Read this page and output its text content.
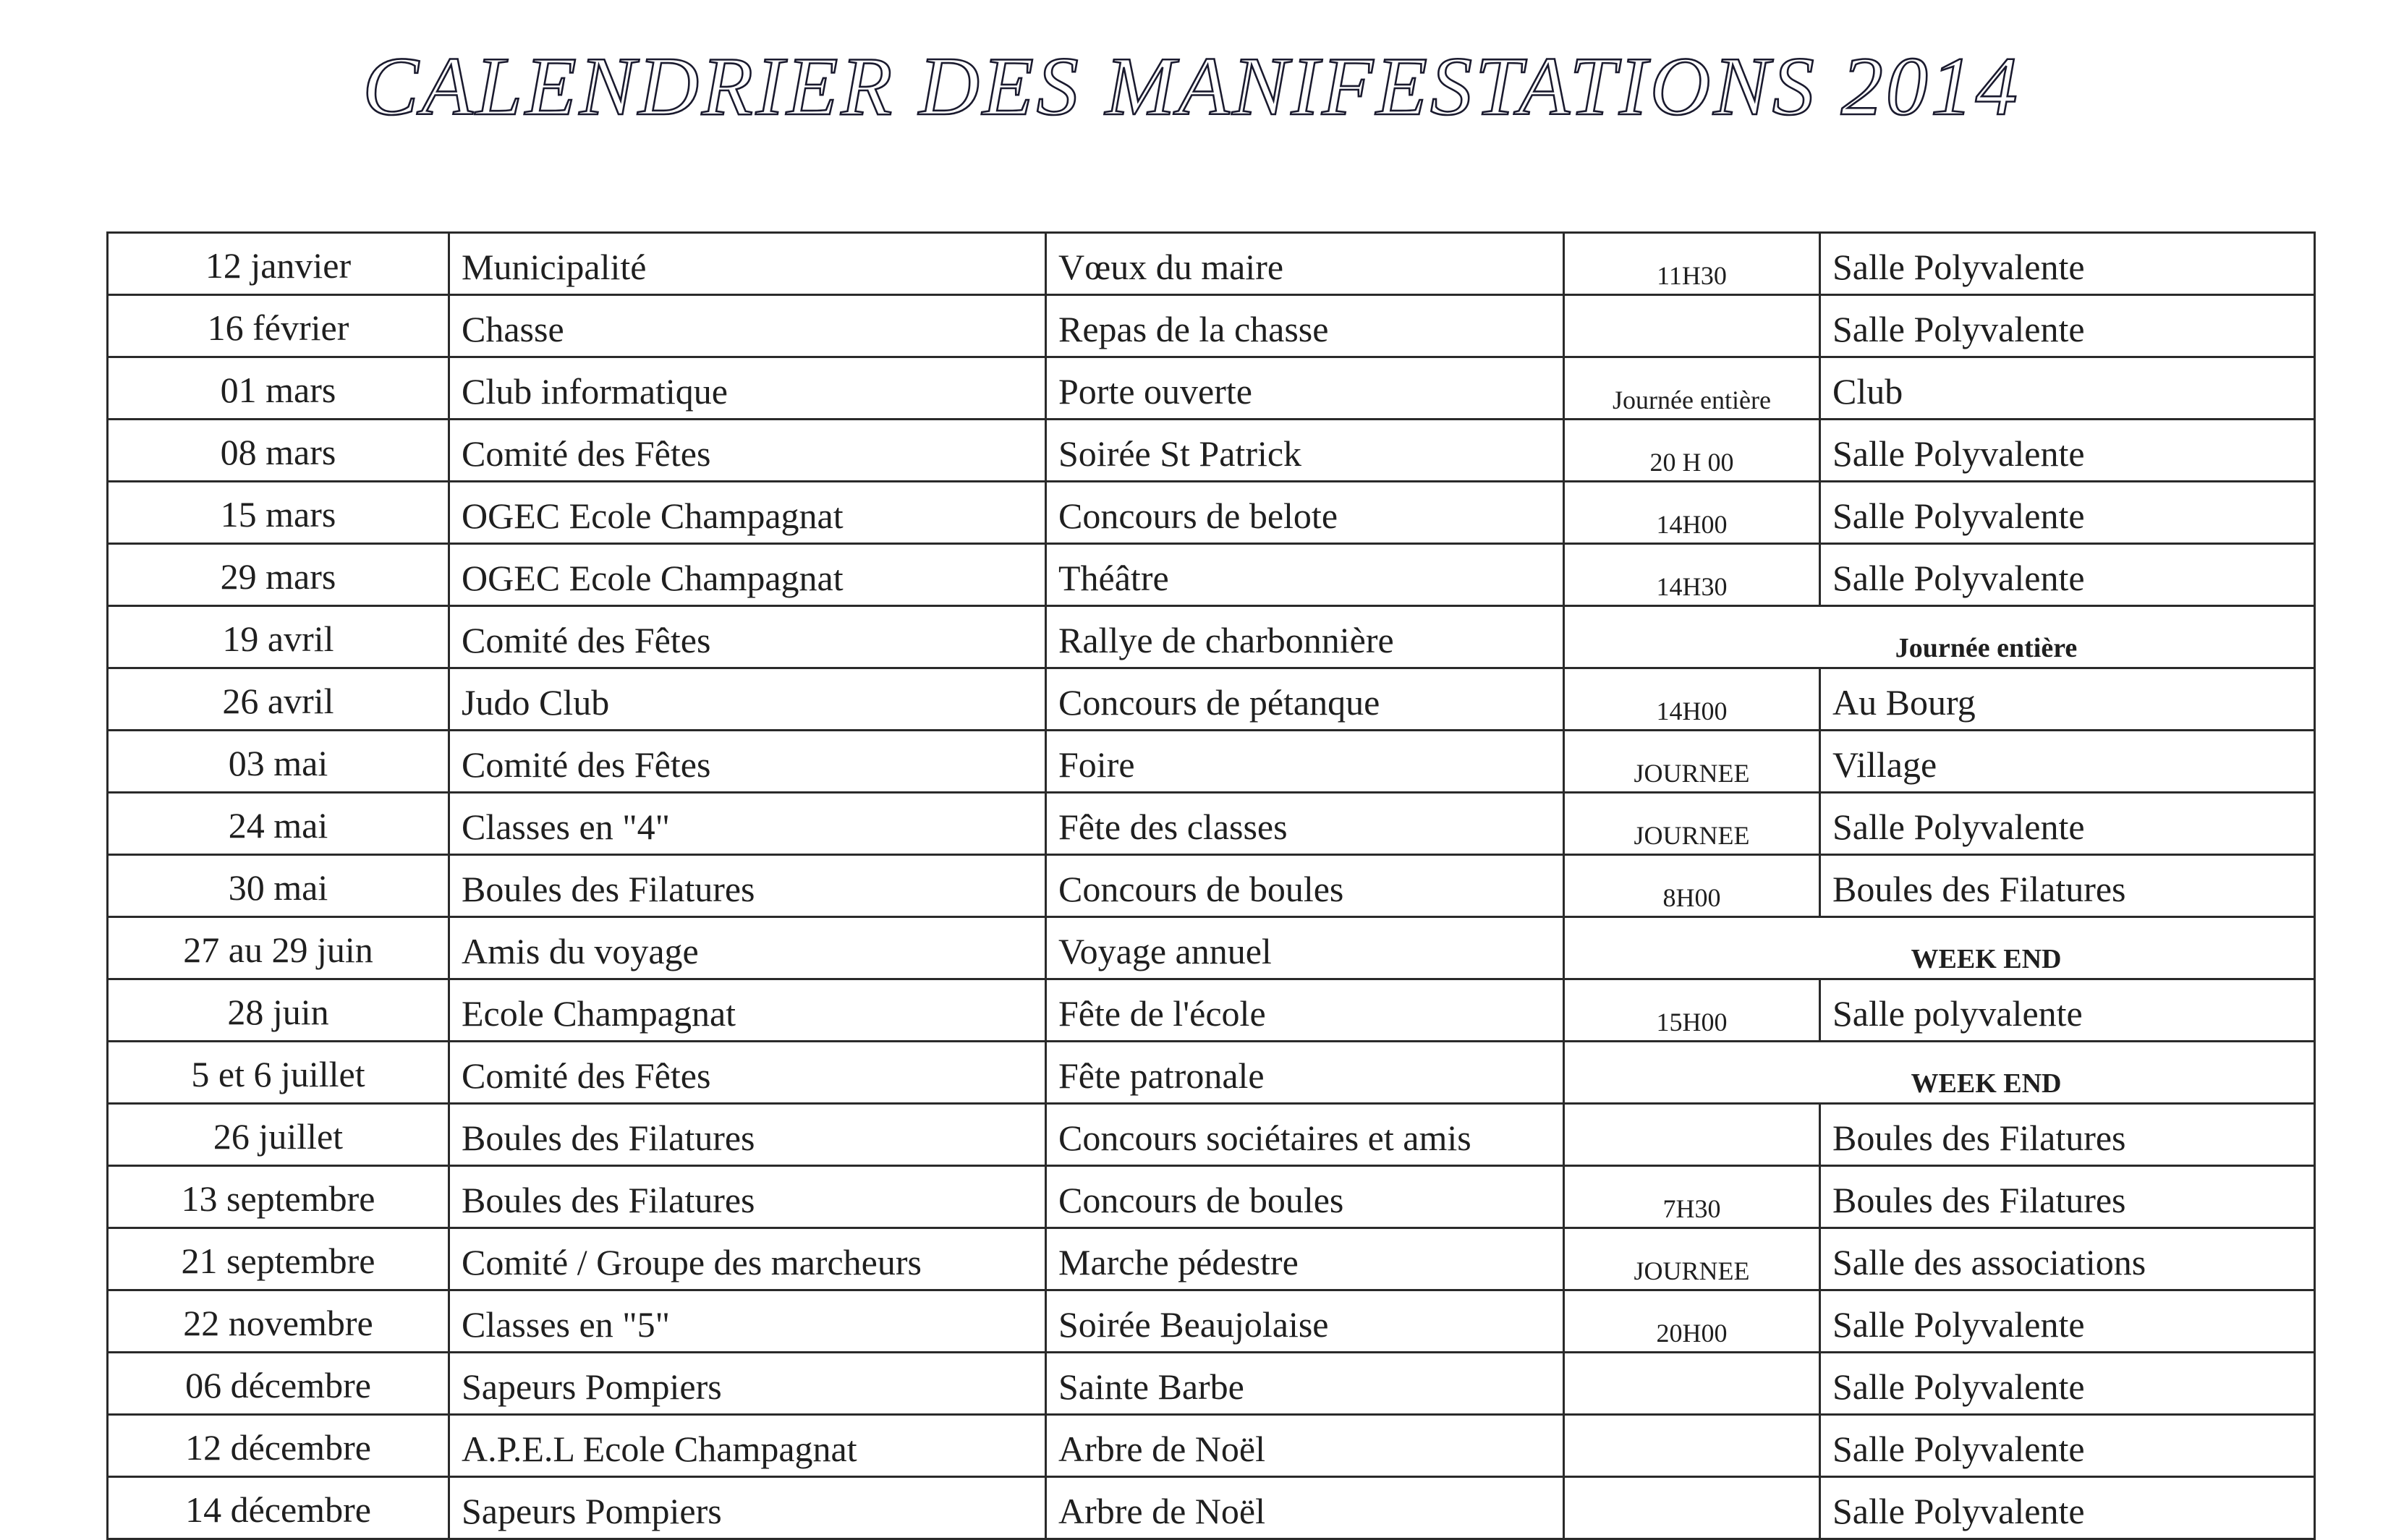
CALENDRIER DES MANIFESTATIONS 2014
12 janvier	Municipalité	Vœux du maire	11H30	Salle Polyvalente
16 février	Chasse	Repas de la chasse		Salle Polyvalente
01 mars	Club informatique	Porte ouverte	Journée entière	Club
08 mars	Comité des Fêtes	Soirée St Patrick	20 H 00	Salle Polyvalente
15 mars	OGEC Ecole Champagnat	Concours de belote	14H00	Salle Polyvalente
29 mars	OGEC Ecole Champagnat	Théâtre	14H30	Salle Polyvalente
19 avril	Comité des Fêtes	Rallye de charbonnière	Journée entière	
26 avril	Judo Club	Concours de pétanque	14H00	Au Bourg
03 mai	Comité des Fêtes	Foire	JOURNEE	Village
24 mai	Classes en "4"	Fête des classes	JOURNEE	Salle Polyvalente
30 mai	Boules des Filatures	Concours de boules	8H00	Boules des Filatures
27 au 29 juin	Amis du voyage	Voyage annuel	WEEK END	
28 juin	Ecole Champagnat	Fête de l'école	15H00	Salle polyvalente
5 et 6 juillet	Comité des Fêtes	Fête patronale	WEEK END	
26 juillet	Boules des Filatures	Concours sociétaires et amis		Boules des Filatures
13 septembre	Boules des Filatures	Concours de boules	7H30	Boules des Filatures
21 septembre	Comité / Groupe des marcheurs	Marche pédestre	JOURNEE	Salle des associations
22 novembre	Classes en "5"	Soirée Beaujolaise	20H00	Salle Polyvalente
06 décembre	Sapeurs Pompiers	Sainte Barbe		Salle Polyvalente
12 décembre	A.P.E.L Ecole Champagnat	Arbre de Noël		Salle Polyvalente
14 décembre	Sapeurs Pompiers	Arbre de Noël		Salle Polyvalente
